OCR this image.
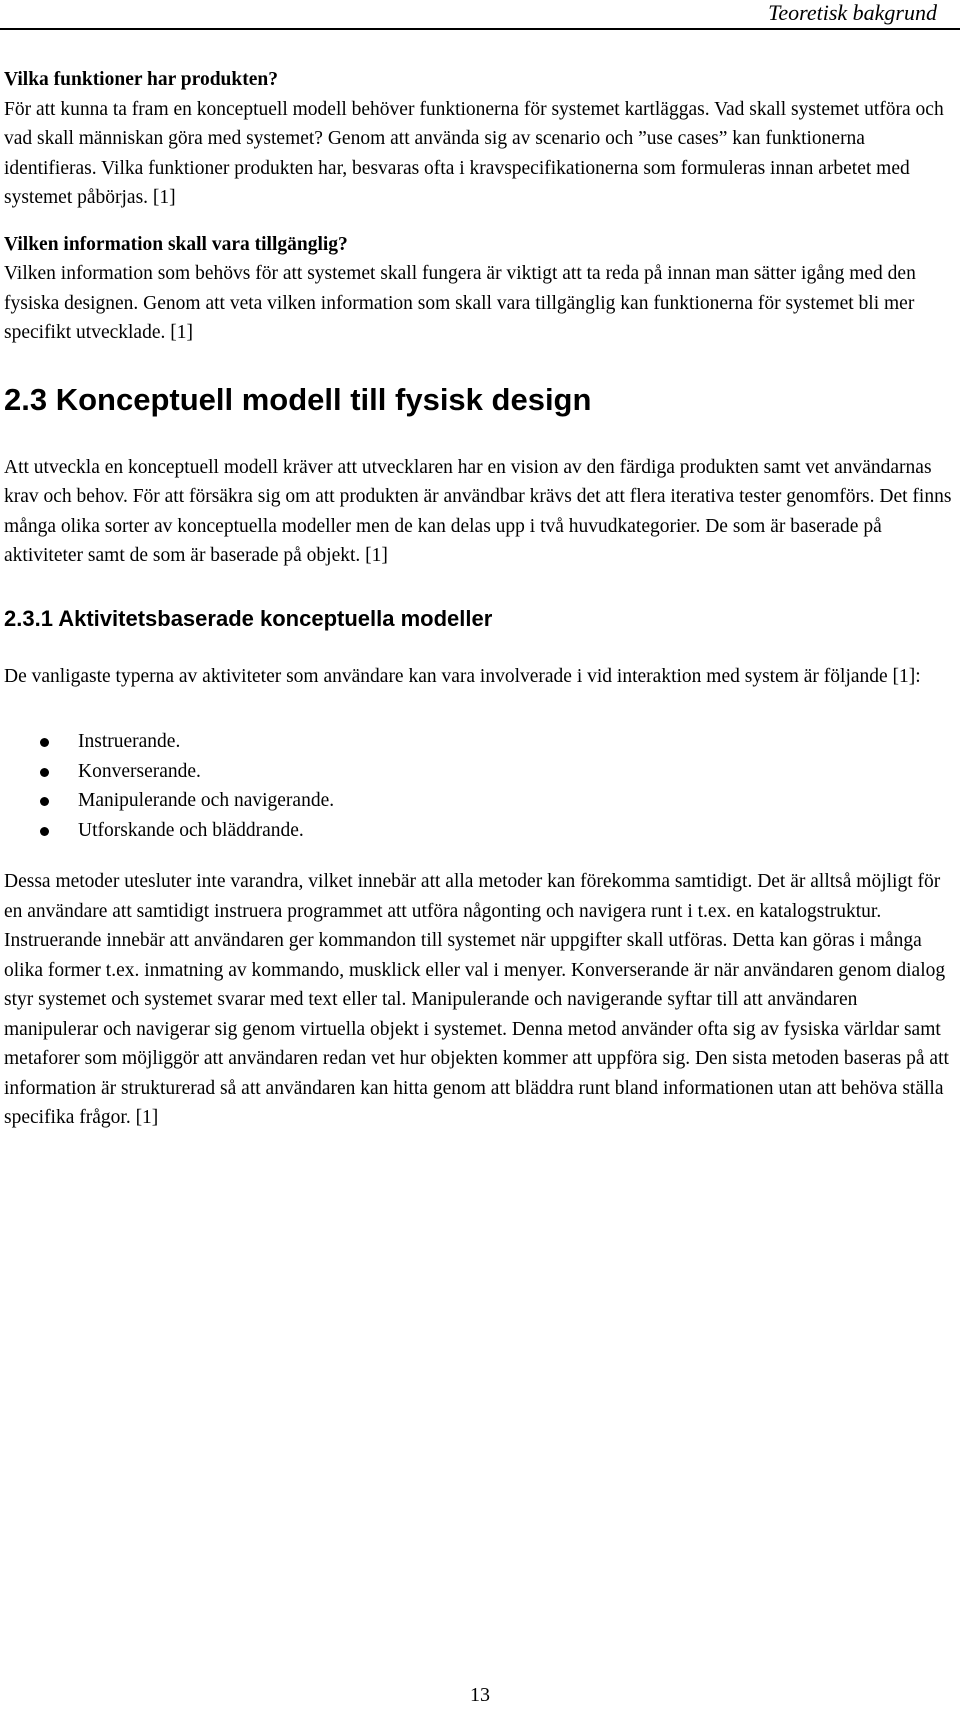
Teoretisk bakgrund

Vilka funktioner har produkten?

För att kunna ta fram en konceptuell modell behöver funktionerna för systemet kartläggas. Vad skall systemet utföra och vad skall människan göra med systemet? Genom att använda sig av scenario och ”use cases” kan funktionerna identifieras. Vilka funktioner produkten har, besvaras ofta i kravspecifikationerna som formuleras innan arbetet med systemet påbörjas. [1]

Vilken information skall vara tillgänglig?

Vilken information som behövs för att systemet skall fungera är viktigt att ta reda på innan man sätter igång med den fysiska designen. Genom att veta vilken information som skall vara tillgänglig kan funktionerna för systemet bli mer specifikt utvecklade. [1]

2.3 Konceptuell modell till fysisk design

Att utveckla en konceptuell modell kräver att utvecklaren har en vision av den färdiga produkten samt vet användarnas krav och behov. För att försäkra sig om att produkten är användbar krävs det att flera iterativa tester genomförs. Det finns många olika sorter av konceptuella modeller men de kan delas upp i två huvudkategorier. De som är baserade på aktiviteter samt de som är baserade på objekt. [1]

2.3.1 Aktivitetsbaserade konceptuella modeller

De vanligaste typerna av aktiviteter som användare kan vara involverade i vid interaktion med system är följande [1]:

Instruerande.
Konverserande.
Manipulerande och navigerande.
Utforskande och bläddrande.

Dessa metoder utesluter inte varandra, vilket innebär att alla metoder kan förekomma samtidigt. Det är alltså möjligt för en användare att samtidigt instruera programmet att utföra någonting och navigera runt i t.ex. en katalogstruktur. Instruerande innebär att användaren ger kommandon till systemet när uppgifter skall utföras. Detta kan göras i många olika former t.ex. inmatning av kommando, musklick eller val i menyer. Konverserande är när användaren genom dialog styr systemet och systemet svarar med text eller tal. Manipulerande och navigerande syftar till att användaren manipulerar och navigerar sig genom virtuella objekt i systemet. Denna metod använder ofta sig av fysiska världar samt metaforer som möjliggör att användaren redan vet hur objekten kommer att uppföra sig. Den sista metoden baseras på att information är strukturerad så att användaren kan hitta genom att bläddra runt bland informationen utan att behöva ställa specifika frågor. [1]

13
